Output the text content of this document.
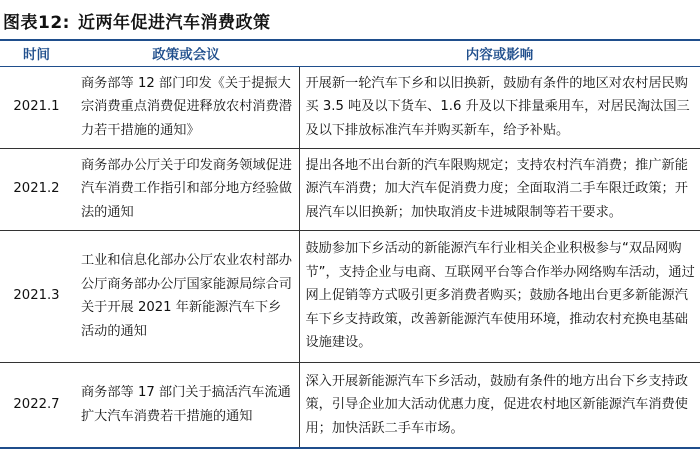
图表12: 近两年促进汽车消费政策
时间	政策或会议	内容或影响
2021.1	商务部等 12 部门印发《关于提振大宗消费重点消费促进释放农村消费潜力若干措施的通知》	开展新一轮汽车下乡和以旧换新，鼓励有条件的地区对农村居民购买 3.5 吨及以下货车、1.6 升及以下排量乘用车，对居民淘汰国三及以下排放标准汽车并购买新车，给予补贴。
2021.2	商务部办公厅关于印发商务领域促进汽车消费工作指引和部分地方经验做法的通知	提出各地不出台新的汽车限购规定；支持农村汽车消费；推广新能源汽车消费；加大汽车促消费力度；全面取消二手车限迁政策；开展汽车以旧换新；加快取消皮卡进城限制等若干要求。
2021.3	工业和信息化部办公厅农业农村部办公厅商务部办公厅国家能源局综合司关于开展 2021 年新能源汽车下乡活动的通知	鼓励参加下乡活动的新能源汽车行业相关企业积极参与“双品网购节”，支持企业与电商、互联网平台等合作举办网络购车活动，通过网上促销等方式吸引更多消费者购买；鼓励各地出台更多新能源汽车下乡支持政策，改善新能源汽车使用环境，推动农村充换电基础设施建设。
2022.7	商务部等 17 部门关于搞活汽车流通扩大汽车消费若干措施的通知	深入开展新能源汽车下乡活动，鼓励有条件的地方出台下乡支持政策，引导企业加大活动优惠力度，促进农村地区新能源汽车消费使用；加快活跃二手车市场。
